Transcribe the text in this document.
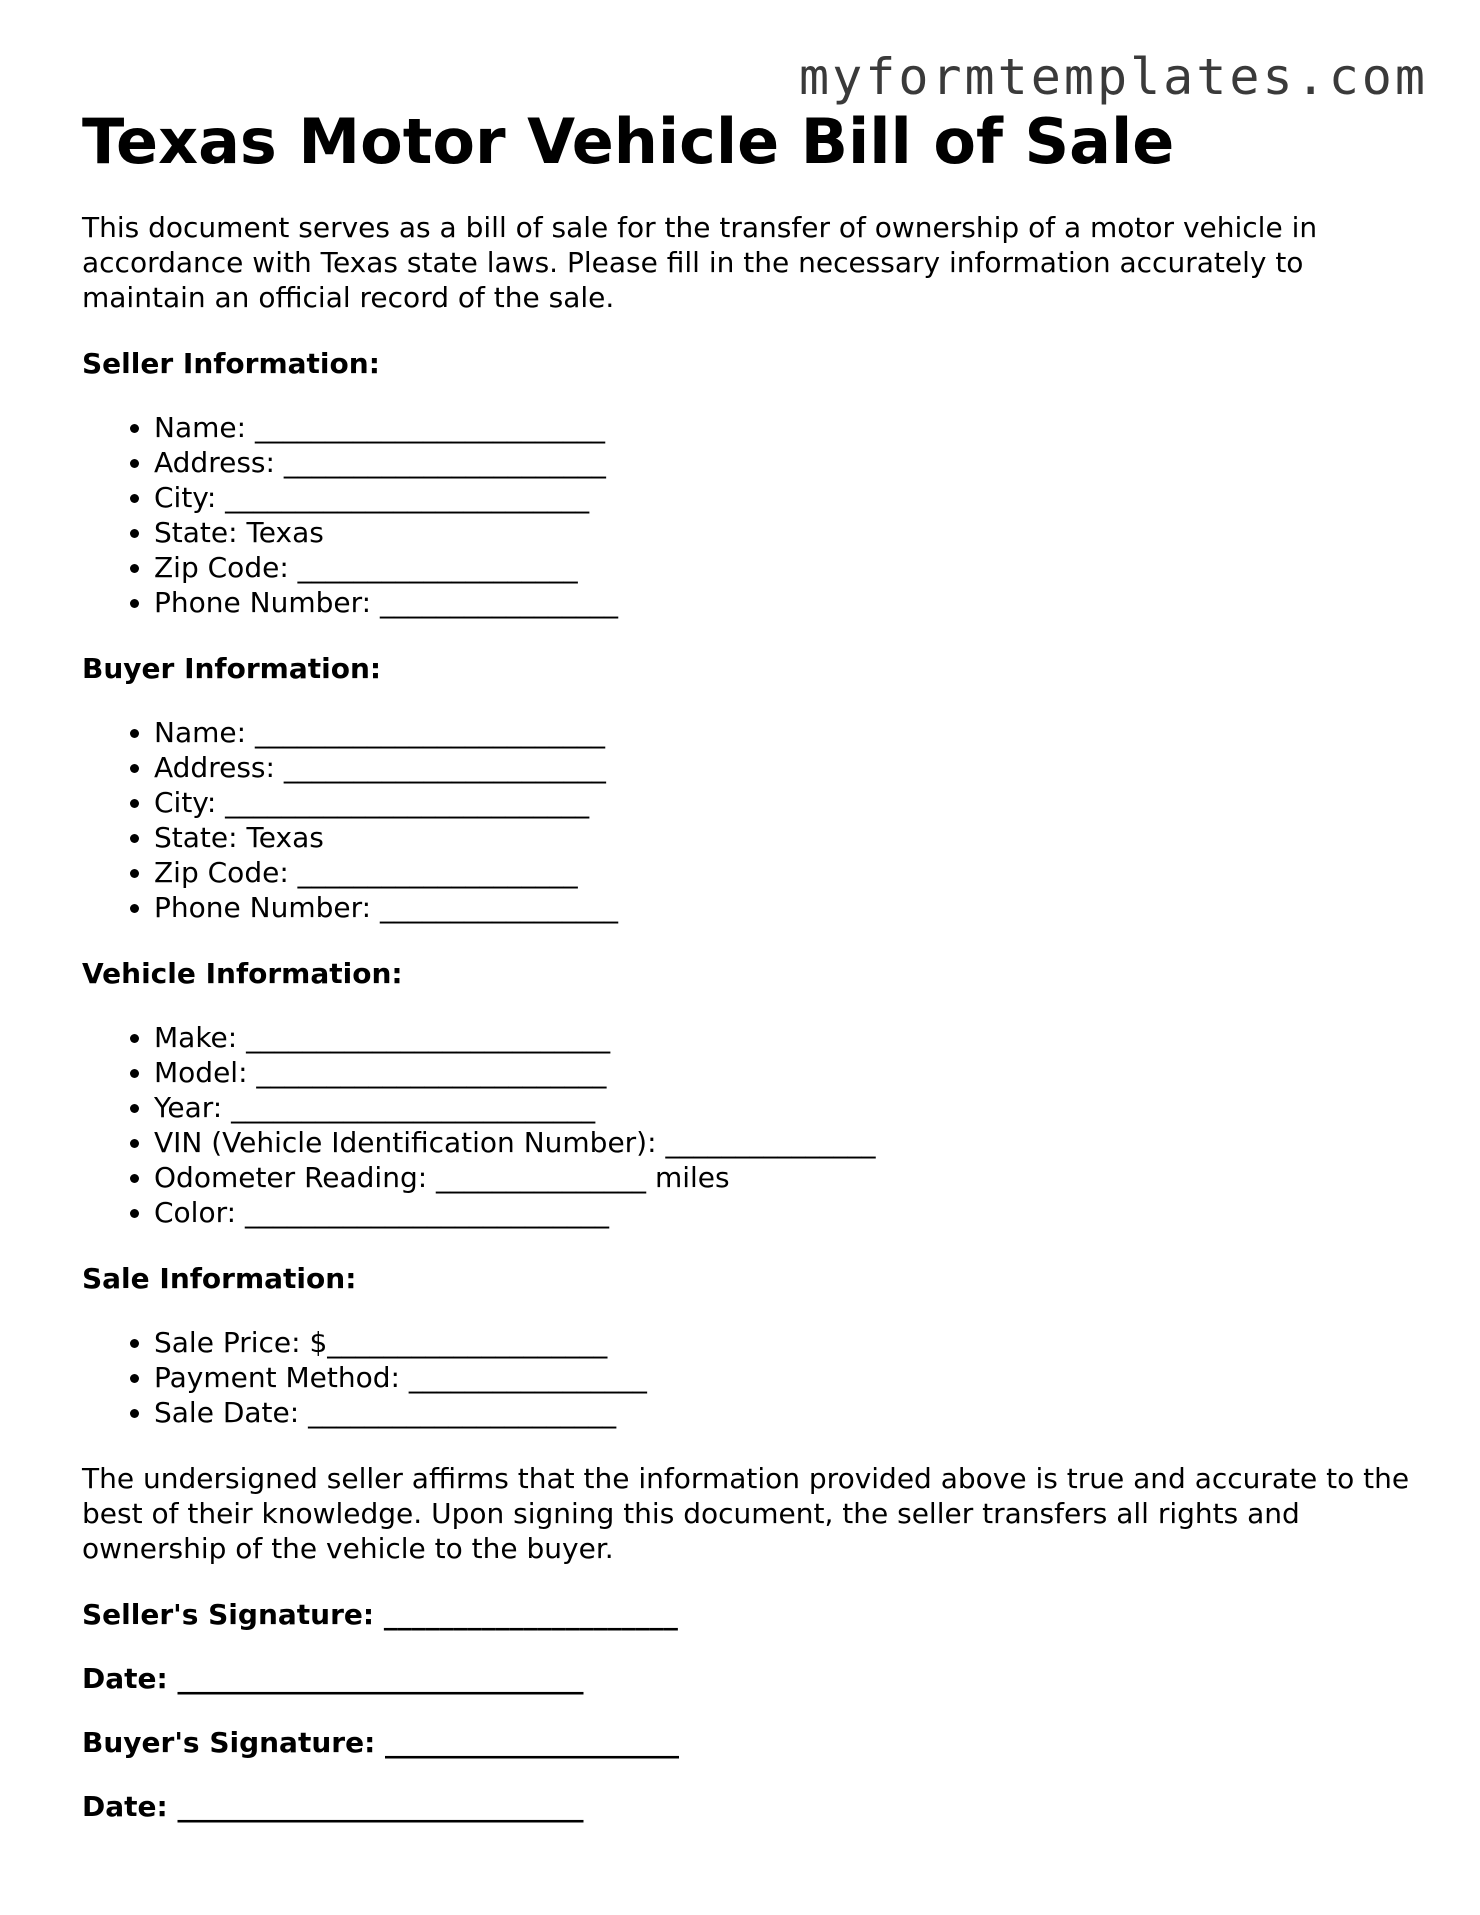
myformtemplates.com
Texas Motor Vehicle Bill of Sale

This document serves as a bill of sale for the transfer of ownership of a motor vehicle in accordance with Texas state laws. Please fill in the necessary information accurately to maintain an official record of the sale.

Seller Information:
• Name: _________________________
• Address: _______________________
• City: __________________________
• State: Texas
• Zip Code: ____________________
• Phone Number: _________________
Buyer Information:
• Name: _________________________
• Address: _______________________
• City: __________________________
• State: Texas
• Zip Code: ____________________
• Phone Number: _________________
Vehicle Information:
• Make: __________________________
• Model: _________________________
• Year: __________________________
• VIN (Vehicle Identification Number): _______________
• Odometer Reading: _______________ miles
• Color: __________________________
Sale Information:
• Sale Price: $____________________
• Payment Method: _________________
• Sale Date: ______________________

The undersigned seller affirms that the information provided above is true and accurate to the best of their knowledge. Upon signing this document, the seller transfers all rights and ownership of the vehicle to the buyer.

Seller's Signature: _____________________

Date: _____________________________

Buyer's Signature: _____________________

Date: _____________________________
